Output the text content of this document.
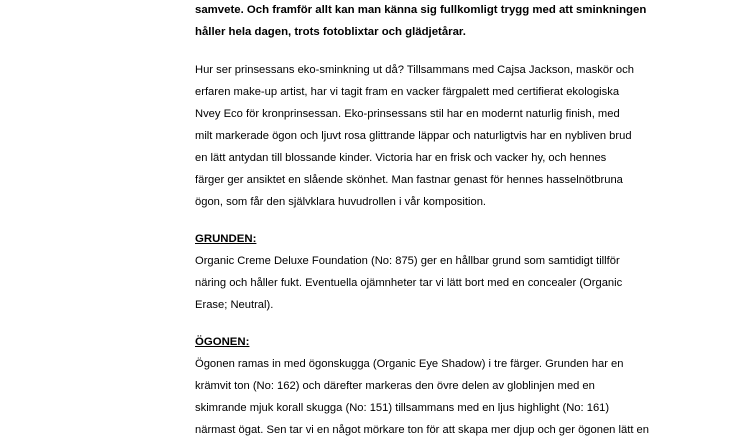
samvete. Och framför allt kan man känna sig fullkomligt trygg med att sminkningen
håller hela dagen, trots fotoblixtar och glädjetårar.

Hur ser prinsessans eko-sminkning ut då? Tillsammans med Cajsa Jackson, maskör och
erfaren make-up artist, har vi tagit fram en vacker färgpalett med certifierat ekologiska
Nvey Eco för kronprinsessan. Eko-prinsessans stil har en modernt naturlig finish, med
milt markerade ögon och ljuvt rosa glittrande läppar och naturligtvis har en nybliven brud
en lätt antydan till blossande kinder. Victoria har en frisk och vacker hy, och hennes
färger ger ansiktet en slående skönhet. Man fastnar genast för hennes hasselnötbruna
ögon, som får den självklara huvudrollen i vår komposition.

GRUNDEN:

Organic Creme Deluxe Foundation (No: 875) ger en hållbar grund som samtidigt tillför
näring och håller fukt. Eventuella ojämnheter tar vi lätt bort med en concealer (Organic
Erase; Neutral).

ÖGONEN:

Ögonen ramas in med ögonskugga (Organic Eye Shadow) i tre färger. Grunden har en
krämvit ton (No: 162) och därefter markeras den övre delen av globlinjen med en
skimrande mjuk korall skugga (No: 151) tillsammans med en ljus highlight (No: 161)
närmast ögat. Sen tar vi en något mörkare ton för att skapa mer djup och ger ögonen lätt en
